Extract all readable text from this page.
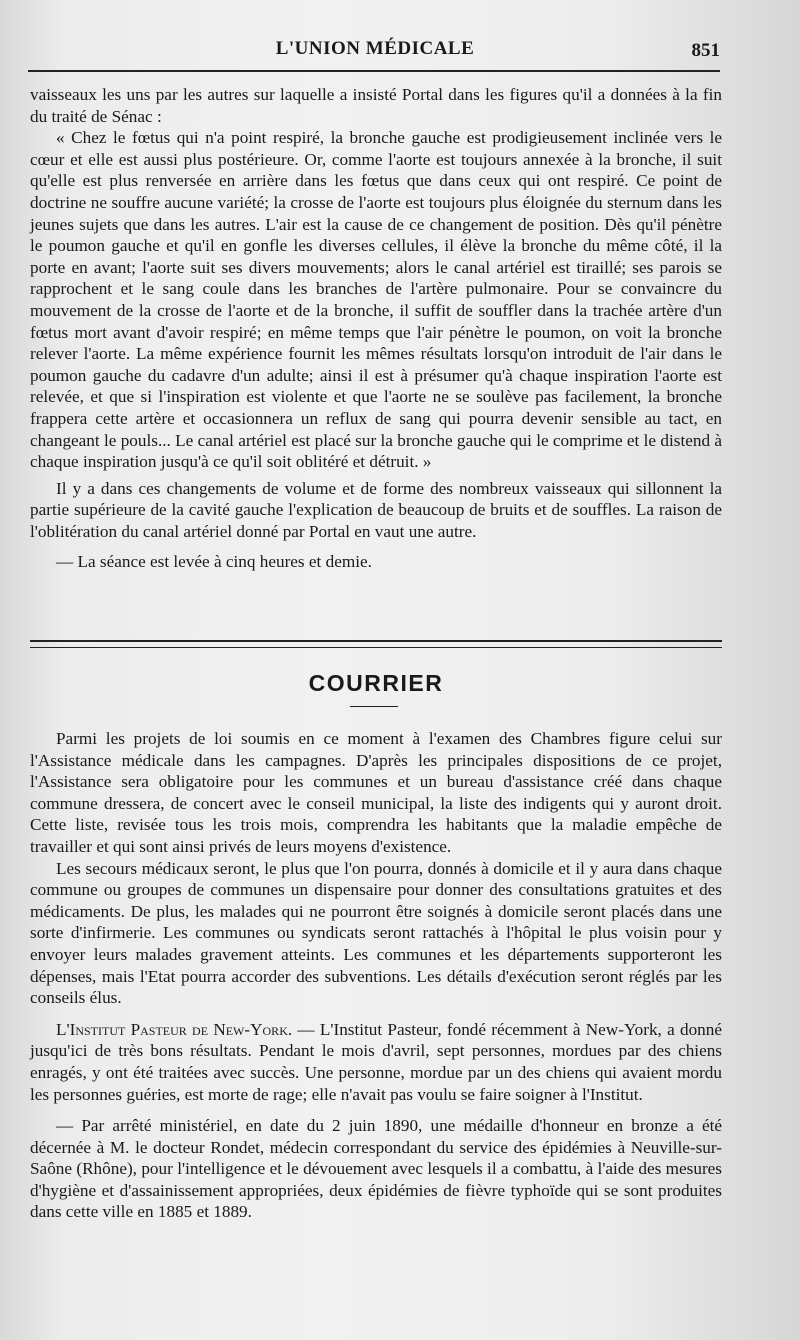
L'UNION MÉDICALE	851

vaisseaux les uns par les autres sur laquelle a insisté Portal dans les figures qu'il a données à la fin du traité de Sénac :

« Chez le fœtus qui n'a point respiré, la bronche gauche est prodigieusement inclinée vers le cœur et elle est aussi plus postérieure. Or, comme l'aorte est toujours annexée à la bronche, il suit qu'elle est plus renversée en arrière dans les fœtus que dans ceux qui ont respiré. Ce point de doctrine ne souffre aucune variété; la crosse de l'aorte est toujours plus éloignée du sternum dans les jeunes sujets que dans les autres. L'air est la cause de ce changement de position. Dès qu'il pénètre le poumon gauche et qu'il en gonfle les diverses cellules, il élève la bronche du même côté, il la porte en avant; l'aorte suit ses divers mouvements; alors le canal artériel est tiraillé; ses parois se rapprochent et le sang coule dans les branches de l'artère pulmonaire. Pour se convaincre du mouvement de la crosse de l'aorte et de la bronche, il suffit de souffler dans la trachée artère d'un fœtus mort avant d'avoir respiré; en même temps que l'air pénètre le poumon, on voit la bronche relever l'aorte. La même expérience fournit les mêmes résultats lorsqu'on introduit de l'air dans le poumon gauche du cadavre d'un adulte; ainsi il est à présumer qu'à chaque inspiration l'aorte est relevée, et que si l'inspiration est violente et que l'aorte ne se soulève pas facilement, la bronche frappera cette artère et occasionnera un reflux de sang qui pourra devenir sensible au tact, en changeant le pouls... Le canal artériel est placé sur la bronche gauche qui le comprime et le distend à chaque inspiration jusqu'à ce qu'il soit oblitéré et détruit. »

Il y a dans ces changements de volume et de forme des nombreux vaisseaux qui sillonnent la partie supérieure de la cavité gauche l'explication de beaucoup de bruits et de souffles. La raison de l'oblitération du canal artériel donné par Portal en vaut une autre.

— La séance est levée à cinq heures et demie.

COURRIER

Parmi les projets de loi soumis en ce moment à l'examen des Chambres figure celui sur l'Assistance médicale dans les campagnes. D'après les principales dispositions de ce projet, l'Assistance sera obligatoire pour les communes et un bureau d'assistance créé dans chaque commune dressera, de concert avec le conseil municipal, la liste des indigents qui y auront droit. Cette liste, revisée tous les trois mois, comprendra les habitants que la maladie empêche de travailler et qui sont ainsi privés de leurs moyens d'existence.

Les secours médicaux seront, le plus que l'on pourra, donnés à domicile et il y aura dans chaque commune ou groupes de communes un dispensaire pour donner des consultations gratuites et des médicaments. De plus, les malades qui ne pourront être soignés à domicile seront placés dans une sorte d'infirmerie. Les communes ou syndicats seront rattachés à l'hôpital le plus voisin pour y envoyer leurs malades gravement atteints. Les communes et les départements supporteront les dépenses, mais l'Etat pourra accorder des subventions. Les détails d'exécution seront réglés par les conseils élus.

L'Institut Pasteur de New-York. — L'Institut Pasteur, fondé récemment à New-York, a donné jusqu'ici de très bons résultats. Pendant le mois d'avril, sept personnes, mordues par des chiens enragés, y ont été traitées avec succès. Une personne, mordue par un des chiens qui avaient mordu les personnes guéries, est morte de rage; elle n'avait pas voulu se faire soigner à l'Institut.

— Par arrêté ministériel, en date du 2 juin 1890, une médaille d'honneur en bronze a été décernée à M. le docteur Rondet, médecin correspondant du service des épidémies à Neuville-sur-Saône (Rhône), pour l'intelligence et le dévouement avec lesquels il a combattu, à l'aide des mesures d'hygiène et d'assainissement appropriées, deux épidémies de fièvre typhoïde qui se sont produites dans cette ville en 1885 et 1889.
